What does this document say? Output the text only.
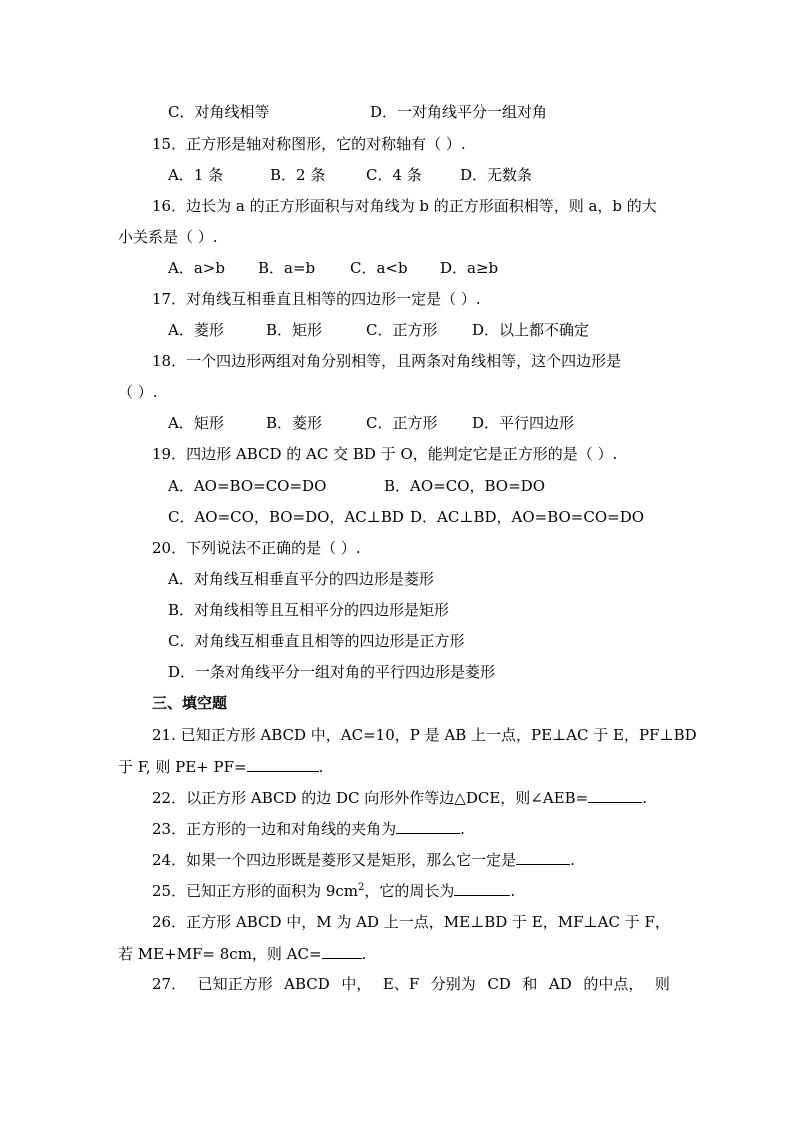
C．对角线相等	D．一对角线平分一组对角
15．正方形是轴对称图形，它的对称轴有（ ）.
A．1 条	B．2 条	C．4 条	D．无数条
16．边长为 a 的正方形面积与对角线为 b 的正方形面积相等，则 a，b 的大
小关系是（ ）.
A．a>b B．a=b C．a<b D．a≥b
17．对角线互相垂直且相等的四边形一定是（ ）.
A．菱形	B．矩形	C．正方形 D．以上都不确定
18．一个四边形两组对角分别相等，且两条对角线相等，这个四边形是
（ ）.
A．矩形	B．菱形	C．正方形 D．平行四边形
19．四边形 ABCD 的 AC 交 BD 于 O，能判定它是正方形的是（ ）.
A．AO=BO=CO=DO	B．AO=CO，BO=DO
C．AO=CO，BO=DO，AC⊥BD D．AC⊥BD，AO=BO=CO=DO
20．下列说法不正确的是（ ）.
A．对角线互相垂直平分的四边形是菱形
B．对角线相等且互相平分的四边形是矩形
C．对角线互相垂直且相等的四边形是正方形
D．一条对角线平分一组对角的平行四边形是菱形
三、填空题
21. 已知正方形 ABCD 中，AC=10，P 是 AB 上一点，PE⊥AC 于 E，PF⊥BD
于 F, 则 PE+ PF=	.
22．以正方形 ABCD 的边 DC 向形外作等边△DCE，则∠AEB=	.
23．正方形的一边和对角线的夹角为	.
24．如果一个四边形既是菱形又是矩形，那么它一定是	.
25．已知正方形的面积为 $9cm^2$，它的周长为	.
26．正方形 ABCD 中，M 为 AD 上一点，ME⊥BD 于 E，MF⊥AC 于 F，
若 ME+MF= 8cm，则 AC=	.
27． 已知正方形 ABCD 中， E、F 分别为 CD 和 AD 的中点， 则
